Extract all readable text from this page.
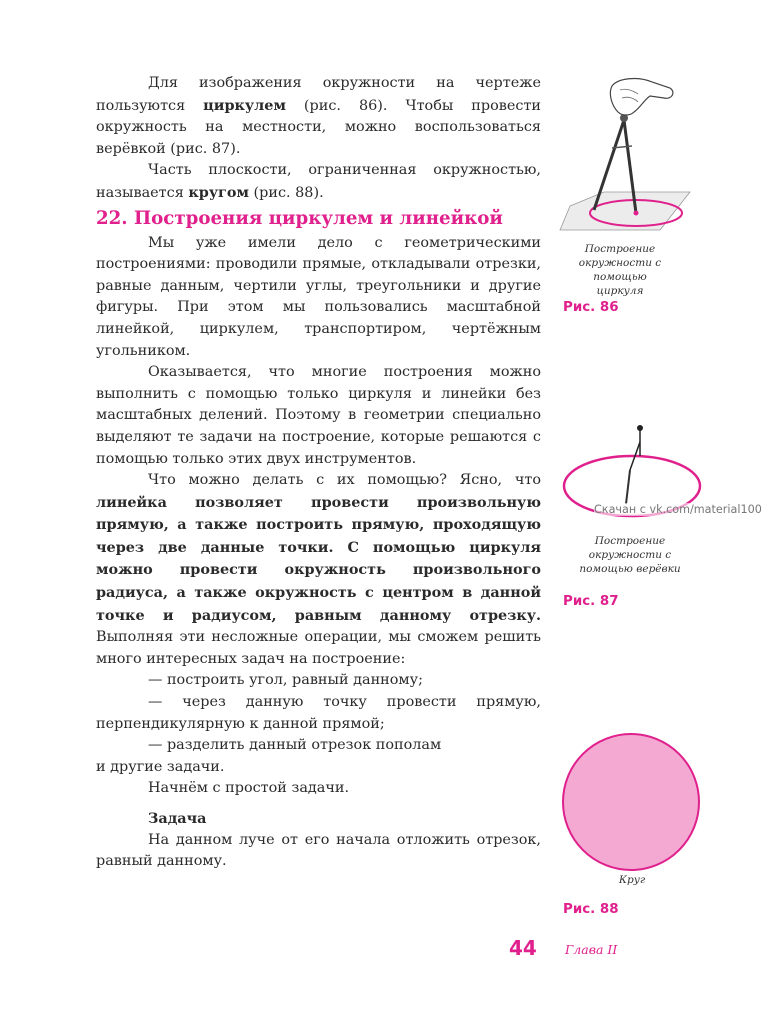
Для изображения окружности на чертеже пользуются циркулем (рис. 86). Чтобы провести окружность на местности, можно воспользоваться верёвкой (рис. 87).

Часть плоскости, ограниченная окружностью, называется кругом (рис. 88).

22. Построения циркулем и линейкой

Мы уже имели дело с геометрическими построениями: проводили прямые, откладывали отрезки, равные данным, чертили углы, треугольники и другие фигуры. При этом мы пользовались масштабной линейкой, циркулем, транспортиром, чертёжным угольником.

Оказывается, что многие построения можно выполнить с помощью только циркуля и линейки без масштабных делений. Поэтому в геометрии специально выделяют те задачи на построение, которые решаются с помощью только этих двух инструментов.

Что можно делать с их помощью? Ясно, что линейка позволяет провести произвольную прямую, а также построить прямую, проходящую через две данные точки. С помощью циркуля можно провести окружность произвольного радиуса, а также окружность с центром в данной точке и радиусом, равным данному отрезку. Выполняя эти несложные операции, мы сможем решить много интересных задач на построение:

— построить угол, равный данному;

— через данную точку провести прямую, перпендикулярную к данной прямой;

— разделить данный отрезок пополам

и другие задачи.

Начнём с простой задачи.

Задача

На данном луче от его начала отложить отрезок, равный данному.

Построение окружности с помощью циркуля
Рис. 86
Скачан с vk.com/material100
Построение окружности с помощью верёвки
Рис. 87
Круг
Рис. 88
44 Глава II
